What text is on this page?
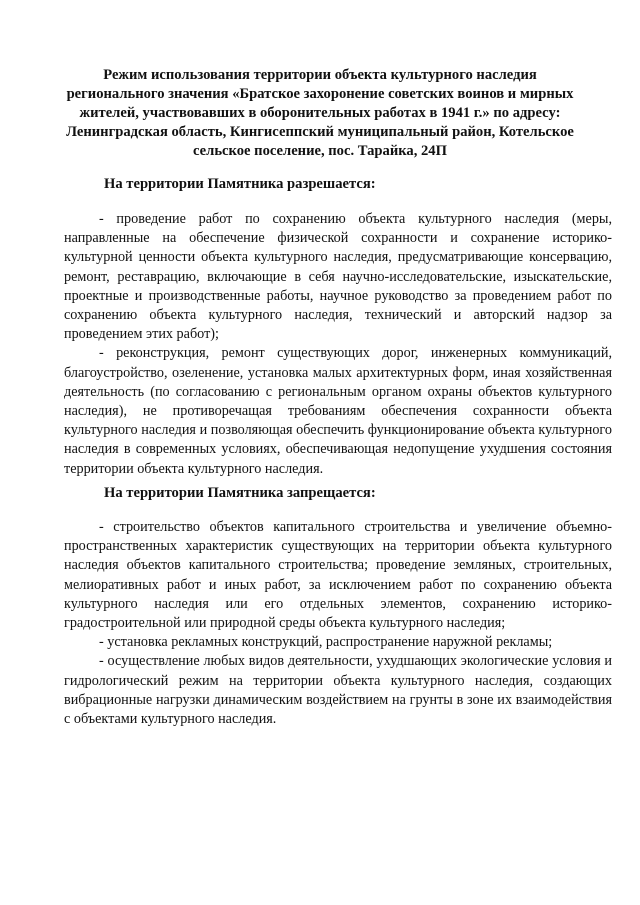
Режим использования территории объекта культурного наследия регионального значения «Братское захоронение советских воинов и мирных жителей, участвовавших в оборонительных работах в 1941 г.» по адресу: Ленинградская область, Кингисеппский муниципальный район, Котельское сельское поселение, пос. Тарайка, 24П

На территории Памятника разрешается:

- проведение работ по сохранению объекта культурного наследия (меры, направленные на обеспечение физической сохранности и сохранение историко-культурной ценности объекта культурного наследия, предусматривающие консервацию, ремонт, реставрацию, включающие в себя научно-исследовательские, изыскательские, проектные и производственные работы, научное руководство за проведением работ по сохранению объекта культурного наследия, технический и авторский надзор за проведением этих работ);

- реконструкция, ремонт существующих дорог, инженерных коммуникаций, благоустройство, озеленение, установка малых архитектурных форм, иная хозяйственная деятельность (по согласованию с региональным органом охраны объектов культурного наследия), не противоречащая требованиям обеспечения сохранности объекта культурного наследия и позволяющая обеспечить функционирование объекта культурного наследия в современных условиях, обеспечивающая недопущение ухудшения состояния территории объекта культурного наследия.

На территории Памятника запрещается:

- строительство объектов капитального строительства и увеличение объемно-пространственных характеристик существующих на территории объекта культурного наследия объектов капитального строительства; проведение земляных, строительных, мелиоративных работ и иных работ, за исключением работ по сохранению объекта культурного наследия или его отдельных элементов, сохранению историко-градостроительной или природной среды объекта культурного наследия;

- установка рекламных конструкций, распространение наружной рекламы;

- осуществление любых видов деятельности, ухудшающих экологические условия и гидрологический режим на территории объекта культурного наследия, создающих вибрационные нагрузки динамическим воздействием на грунты в зоне их взаимодействия с объектами культурного наследия.
